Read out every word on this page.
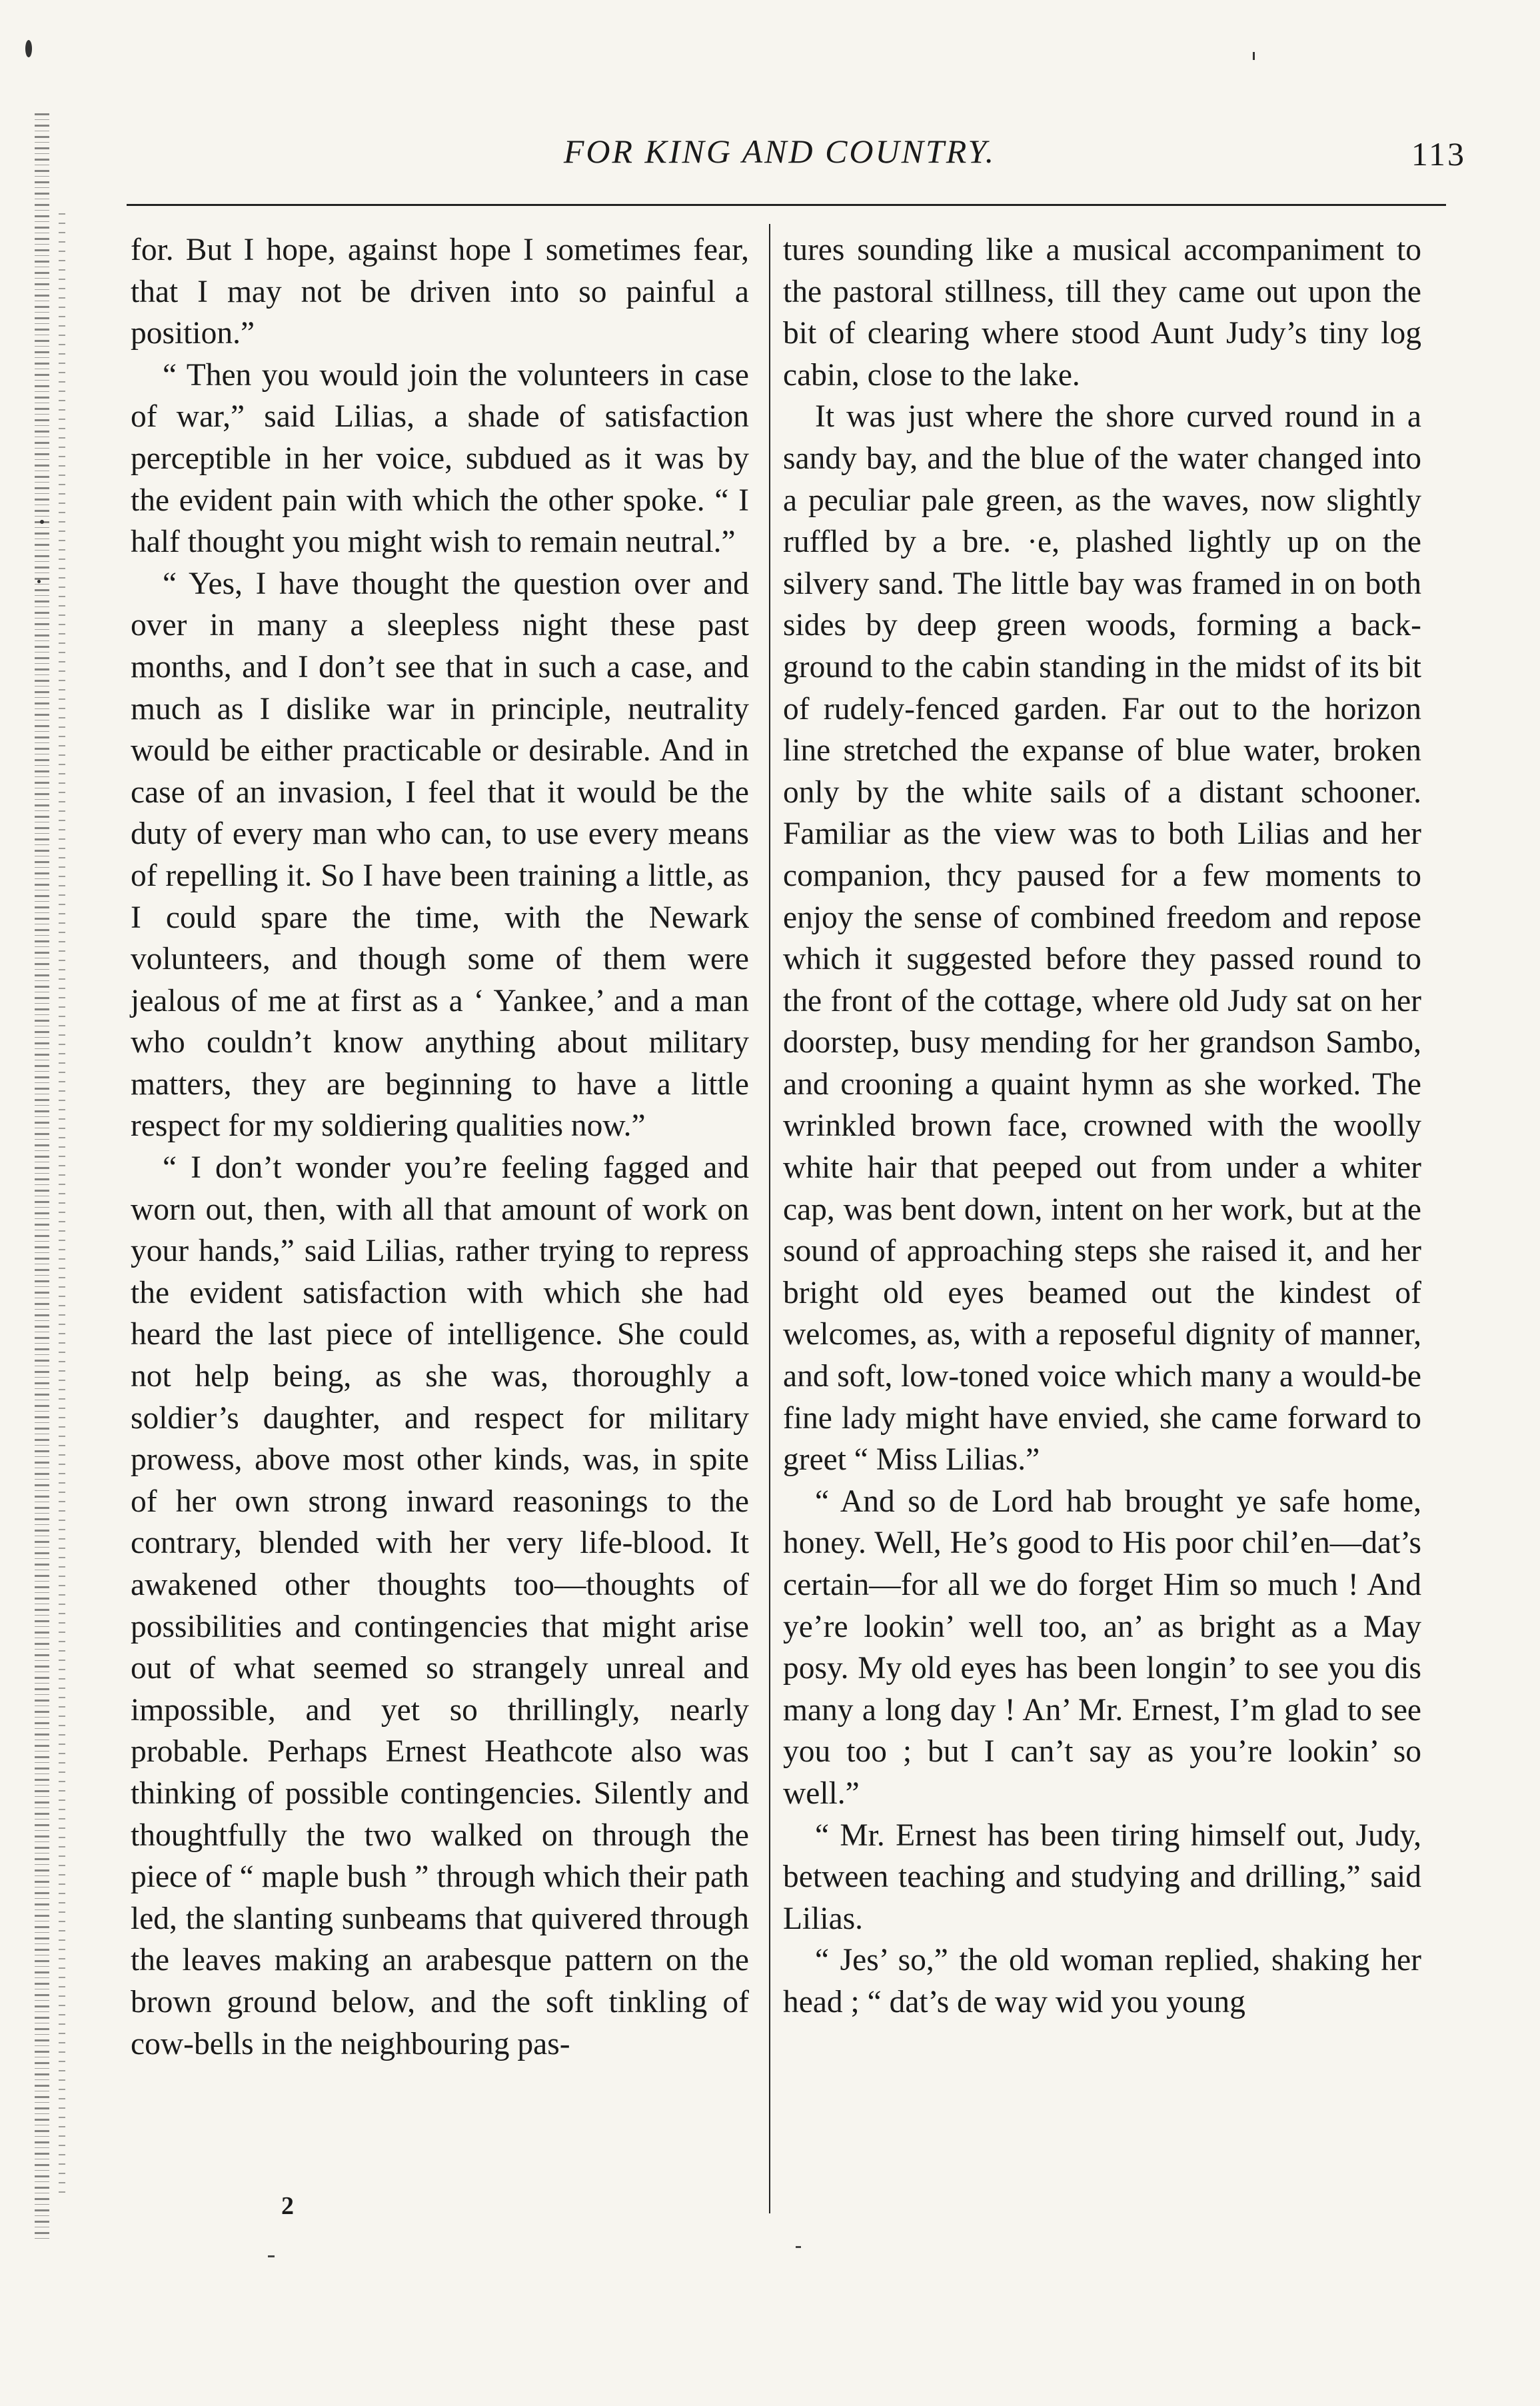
FOR KING AND COUNTRY.	113

for. But I hope, against hope I sometimes fear, that I may not be driven into so painful a position.”

“ Then you would join the volunteers in case of war,” said Lilias, a shade of satisfaction perceptible in her voice, subdued as it was by the evident pain with which the other spoke. “ I half thought you might wish to remain neutral.”

“ Yes, I have thought the question over and over in many a sleepless night these past months, and I don’t see that in such a case, and much as I dislike war in principle, neutrality would be either practicable or desirable. And in case of an invasion, I feel that it would be the duty of every man who can, to use every means of repelling it. So I have been training a little, as I could spare the time, with the Newark volunteers, and though some of them were jealous of me at first as a ‘ Yankee,’ and a man who couldn’t know anything about military matters, they are beginning to have a little respect for my soldiering qualities now.”

“ I don’t wonder you’re feeling fagged and worn out, then, with all that amount of work on your hands,” said Lilias, rather trying to repress the evident satisfaction with which she had heard the last piece of intelligence. She could not help being, as she was, thoroughly a soldier’s daughter, and respect for military prowess, above most other kinds, was, in spite of her own strong inward reasonings to the contrary, blended with her very life-blood. It awakened other thoughts too—thoughts of possibilities and contingencies that might arise out of what seemed so strangely unreal and impossible, and yet so thrillingly, nearly probable. Perhaps Ernest Heathcote also was thinking of possible contingencies. Silently and thoughtfully the two walked on through the piece of “ maple bush ” through which their path led, the slanting sunbeams that quivered through the leaves making an arabesque pattern on the brown ground below, and the soft tinkling of cow-bells in the neighbouring pas-

tures sounding like a musical accompaniment to the pastoral stillness, till they came out upon the bit of clearing where stood Aunt Judy’s tiny log cabin, close to the lake.

It was just where the shore curved round in a sandy bay, and the blue of the water changed into a peculiar pale green, as the waves, now slightly ruffled by a bre. ·e, plashed lightly up on the silvery sand. The little bay was framed in on both sides by deep green woods, forming a back-ground to the cabin standing in the midst of its bit of rudely-fenced garden. Far out to the horizon line stretched the expanse of blue water, broken only by the white sails of a distant schooner. Familiar as the view was to both Lilias and her companion, thcy paused for a few moments to enjoy the sense of combined freedom and repose which it suggested before they passed round to the front of the cottage, where old Judy sat on her doorstep, busy mending for her grandson Sambo, and crooning a quaint hymn as she worked. The wrinkled brown face, crowned with the woolly white hair that peeped out from under a whiter cap, was bent down, intent on her work, but at the sound of approaching steps she raised it, and her bright old eyes beamed out the kindest of welcomes, as, with a reposeful dignity of manner, and soft, low-toned voice which many a would-be fine lady might have envied, she came forward to greet “ Miss Lilias.”

“ And so de Lord hab brought ye safe home, honey. Well, He’s good to His poor chil’en—dat’s certain—for all we do forget Him so much ! And ye’re lookin’ well too, an’ as bright as a May posy. My old eyes has been longin’ to see you dis many a long day ! An’ Mr. Ernest, I’m glad to see you too ; but I can’t say as you’re lookin’ so well.”

“ Mr. Ernest has been tiring himself out, Judy, between teaching and studying and drilling,” said Lilias.

“ Jes’ so,” the old woman replied, shaking her head ; “ dat’s de way wid you young

2
